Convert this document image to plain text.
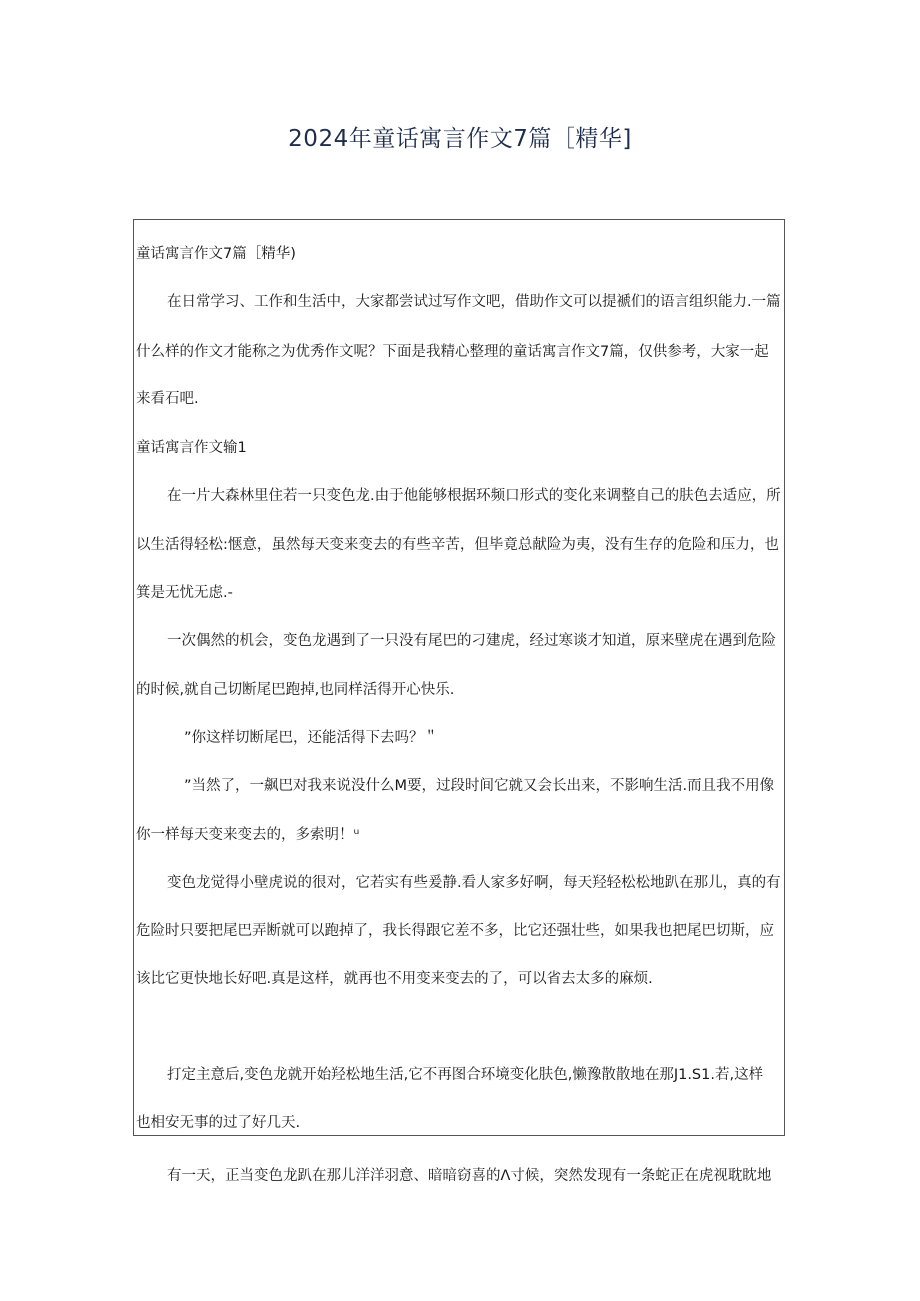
2024年童话寓言作文7篇［精华]
童话寓言作文7篇［精华)
在日常学习、工作和生活中，大家都尝试过写作文吧，借助作文可以提褫们的语言组织能力.一篇
什么样的作文才能称之为优秀作文呢？下面是我精心整理的童话寓言作文7篇，仅供参考，大家一起
来看石吧.
童话寓言作文输1
在一片大森林里住若一只变色龙.由于他能够根据环频口形式的变化来调整自己的肤色去适应，所
以生活得轻松:惬意，虽然每天变来变去的有些辛苦，但毕竟总献险为夷，没有生存的危险和压力，也
箕是无忧无虑.-
一次偶然的机会，变色龙遇到了一只没有尾巴的刁建虎，经过寒谈才知道，原来壁虎在遇到危险
的时候,就自己切断尾巴跑掉,也同样活得开心快乐.
”你这样切断尾巴，还能活得下去吗？＂
”当然了，一飙巴对我来说没什么M要，过段时间它就又会长出来，不影响生活.而且我不用像
你一样每天变来变去的，多索明！ᵘ
变色龙觉得小壁虎说的很对，它若实有些爰静.看人家多好啊，每天羟轻松松地趴在那儿，真的有
危险时只要把尾巴弄断就可以跑掉了，我长得跟它差不多，比它还强壮些，如果我也把尾巴切斯，应
该比它更快地长好吧.真是这样，就再也不用变来变去的了，可以省去太多的麻烦.
打定主意后,变色龙就开始羟松地生活,它不再图合环境变化肤色,懒豫散散地在那J1.S1.若,这样
也相安无事的过了好几天.
有一天，正当变色龙趴在那儿洋洋羽意、暗暗窃喜的Λ寸候，突然发现有一条蛇正在虎视耽眈地
